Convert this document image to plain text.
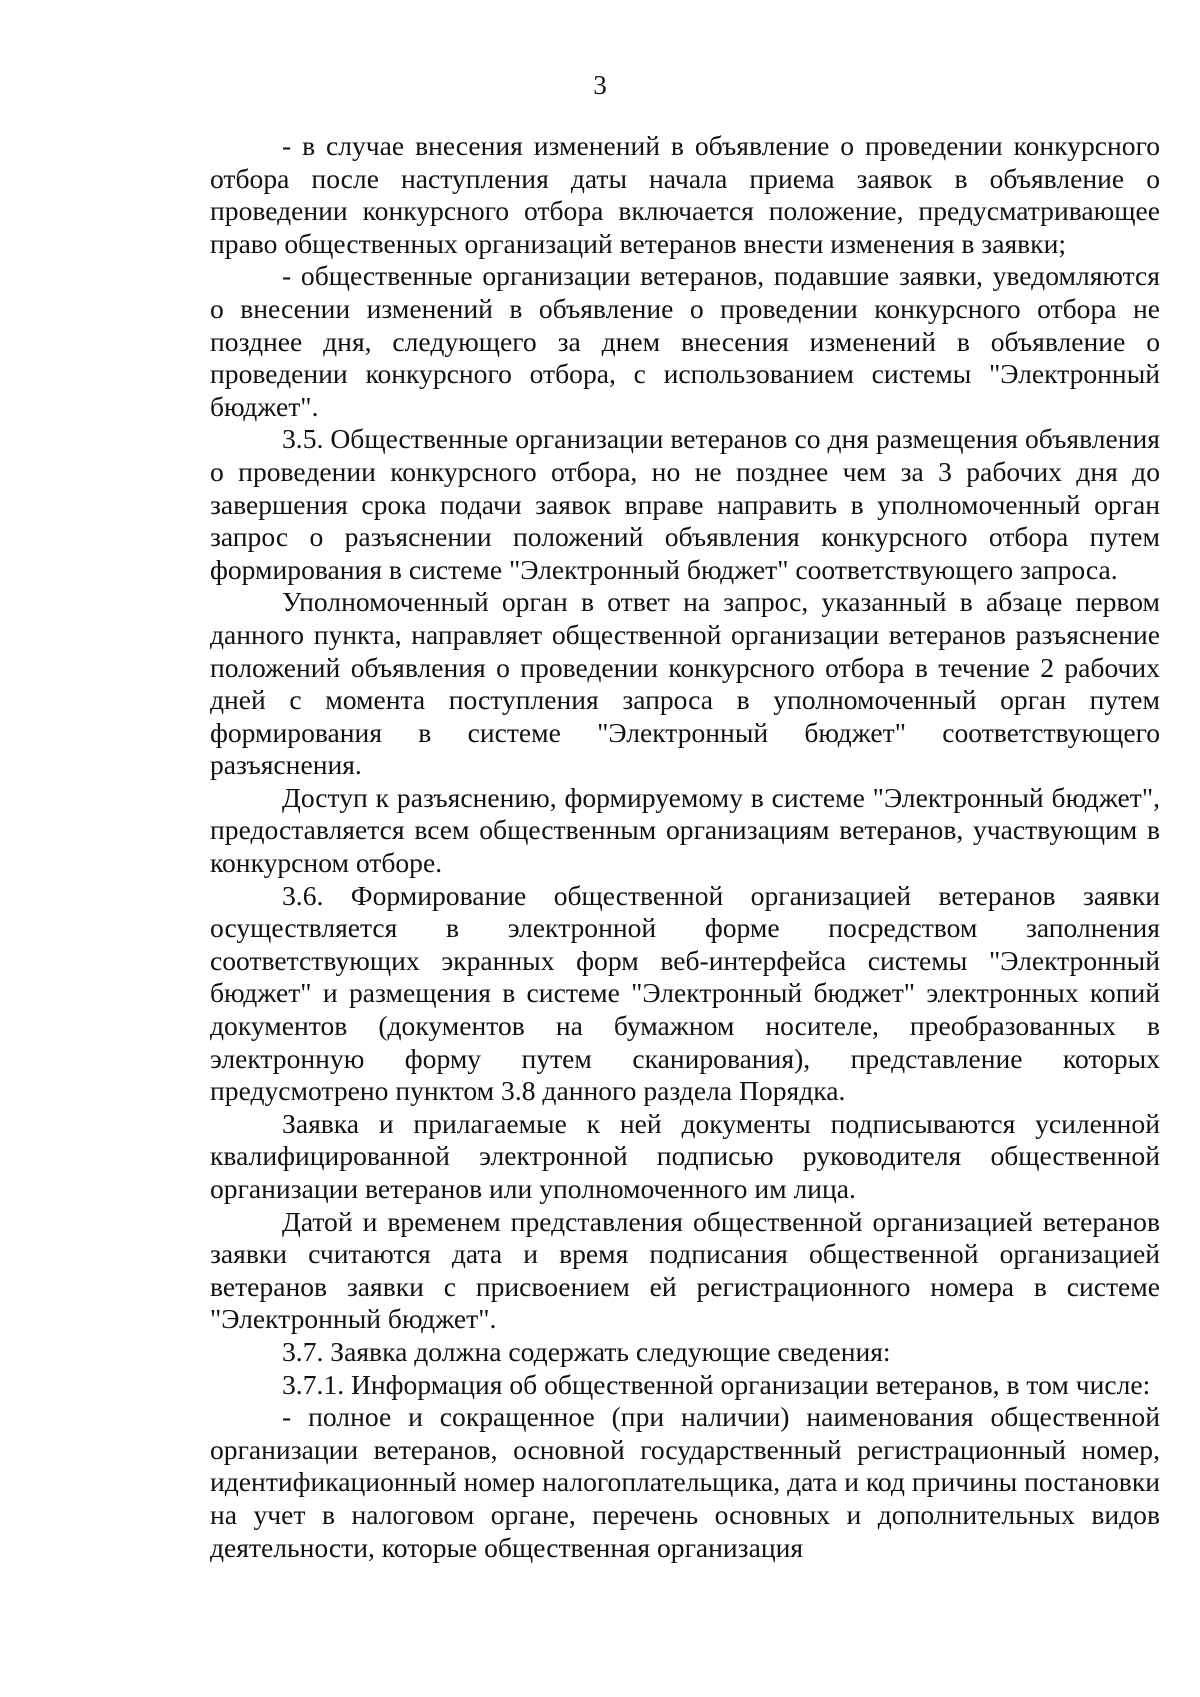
3

- в случае внесения изменений в объявление о проведении конкурсного отбора после наступления даты начала приема заявок в объявление о проведении конкурсного отбора включается положение, предусматривающее право общественных организаций ветеранов внести изменения в заявки;

- общественные организации ветеранов, подавшие заявки, уведомляются о внесении изменений в объявление о проведении конкурсного отбора не позднее дня, следующего за днем внесения изменений в объявление о проведении конкурсного отбора, с использованием системы "Электронный бюджет".

3.5. Общественные организации ветеранов со дня размещения объявления о проведении конкурсного отбора, но не позднее чем за 3 рабочих дня до завершения срока подачи заявок вправе направить в уполномоченный орган запрос о разъяснении положений объявления конкурсного отбора путем формирования в системе "Электронный бюджет" соответствующего запроса.

Уполномоченный орган в ответ на запрос, указанный в абзаце первом данного пункта, направляет общественной организации ветеранов разъяснение положений объявления о проведении конкурсного отбора в течение 2 рабочих дней с момента поступления запроса в уполномоченный орган путем формирования в системе "Электронный бюджет" соответствующего разъяснения.

Доступ к разъяснению, формируемому в системе "Электронный бюджет", предоставляется всем общественным организациям ветеранов, участвующим в конкурсном отборе.

3.6. Формирование общественной организацией ветеранов заявки осуществляется в электронной форме посредством заполнения соответствующих экранных форм веб-интерфейса системы "Электронный бюджет" и размещения в системе "Электронный бюджет" электронных копий документов (документов на бумажном носителе, преобразованных в электронную форму путем сканирования), представление которых предусмотрено пунктом 3.8 данного раздела Порядка.

Заявка и прилагаемые к ней документы подписываются усиленной квалифицированной электронной подписью руководителя общественной организации ветеранов или уполномоченного им лица.

Датой и временем представления общественной организацией ветеранов заявки считаются дата и время подписания общественной организацией ветеранов заявки с присвоением ей регистрационного номера в системе "Электронный бюджет".

3.7. Заявка должна содержать следующие сведения:

3.7.1. Информация об общественной организации ветеранов, в том числе:

- полное и сокращенное (при наличии) наименования общественной организации ветеранов, основной государственный регистрационный номер, идентификационный номер налогоплательщика, дата и код причины постановки на учет в налоговом органе, перечень основных и дополнительных видов деятельности, которые общественная организация
